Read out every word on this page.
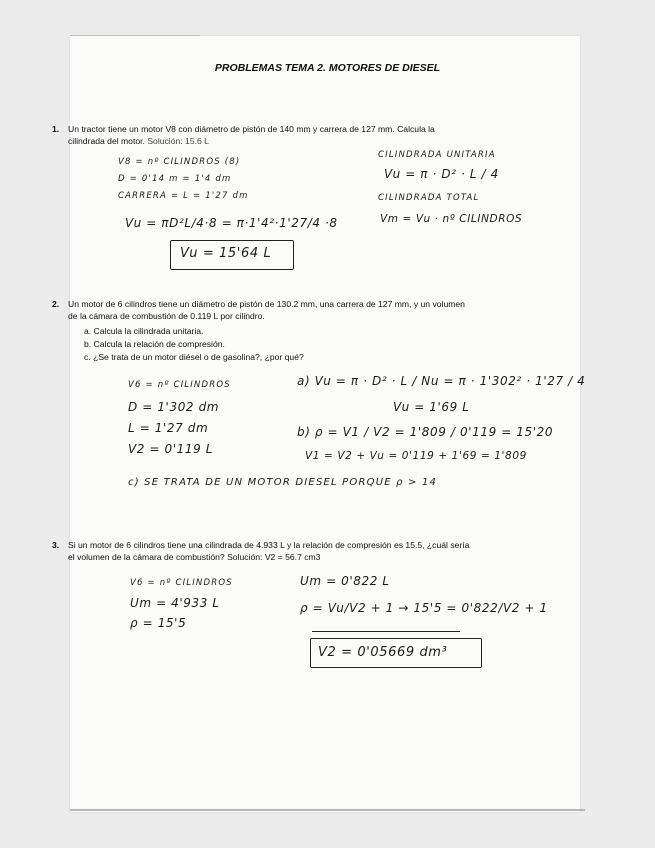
PROBLEMAS TEMA 2. MOTORES DE DIESEL
1. Un tractor tiene un motor V8 con diámetro de pistón de 140 mm y carrera de 127 mm. Calcula la cilindrada del motor. Solución: 15.6 L
V8 = nº CILINDROS (8)
D = 0'14 m = 1'4 dm
CARRERA = L = 1'27 dm
CILINDRADA UNITARIA
Vu = π · D² · L / 4
CILINDRADA TOTAL
Vm = Vu · nº CILINDROS
Vu = πD²L/4·8 = π·1'4²·1'27/4 ·8
Vu = 15'64 L
2. Un motor de 6 cilindros tiene un diámetro de pistón de 130.2 mm, una carrera de 127 mm, y un volumen de la cámara de combustión de 0.119 L por cilindro.
a. Calcula la cilindrada unitaria.
b. Calcula la relación de compresión.
c. ¿Se trata de un motor diésel o de gasolina?, ¿por qué?
V6 = nº CILINDROS
D = 1'302 dm
L = 1'27 dm
V2 = 0'119 L
a) Vu = π · D² · L / Nu = π · 1'302² · 1'27 / 4
Vu = 1'69 L
b) ρ = V1 / V2 = 1'809 / 0'119 = 15'20
V1 = V2 + Vu = 0'119 + 1'69 = 1'809
c) SE TRATA DE UN MOTOR DIESEL PORQUE ρ > 14
3. Si un motor de 6 cilindros tiene una cilindrada de 4.933 L y la relación de compresión es 15.5, ¿cuál sería el volumen de la cámara de combustión? Solución: V2 = 56.7 cm3
V6 = nº CILINDROS
Um = 4'933 L
ρ = 15'5
Um = 0'822 L
ρ = Vu/V2 + 1 → 15'5 = 0'822/V2 + 1
V2 = 0'05669 dm³
